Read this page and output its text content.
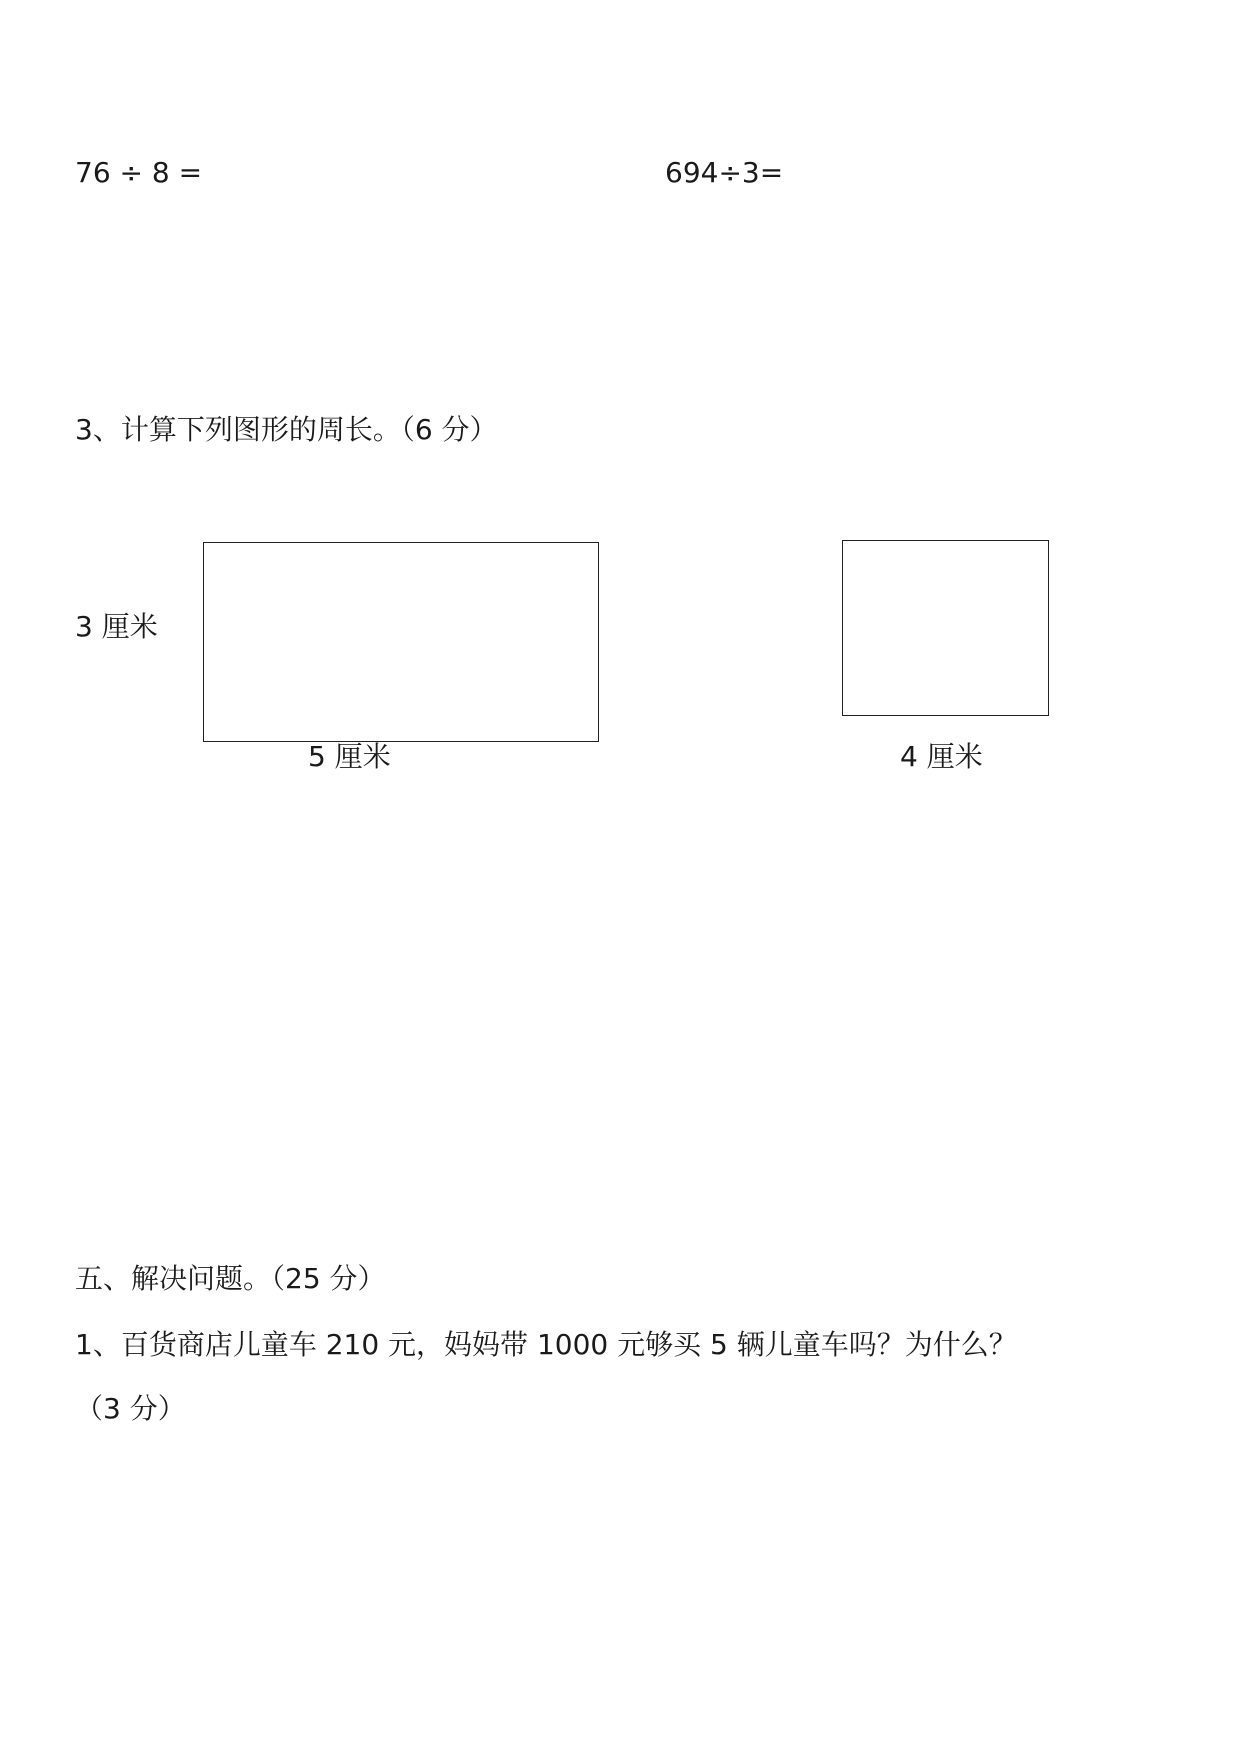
76 ÷ 8 =	694÷3=

3、计算下列图形的周长。（6 分）

3 厘米

5 厘米	4 厘米

五、解决问题。（25 分）

1、百货商店儿童车 210 元，妈妈带 1000 元够买 5 辆儿童车吗？为什么？

（3 分）
